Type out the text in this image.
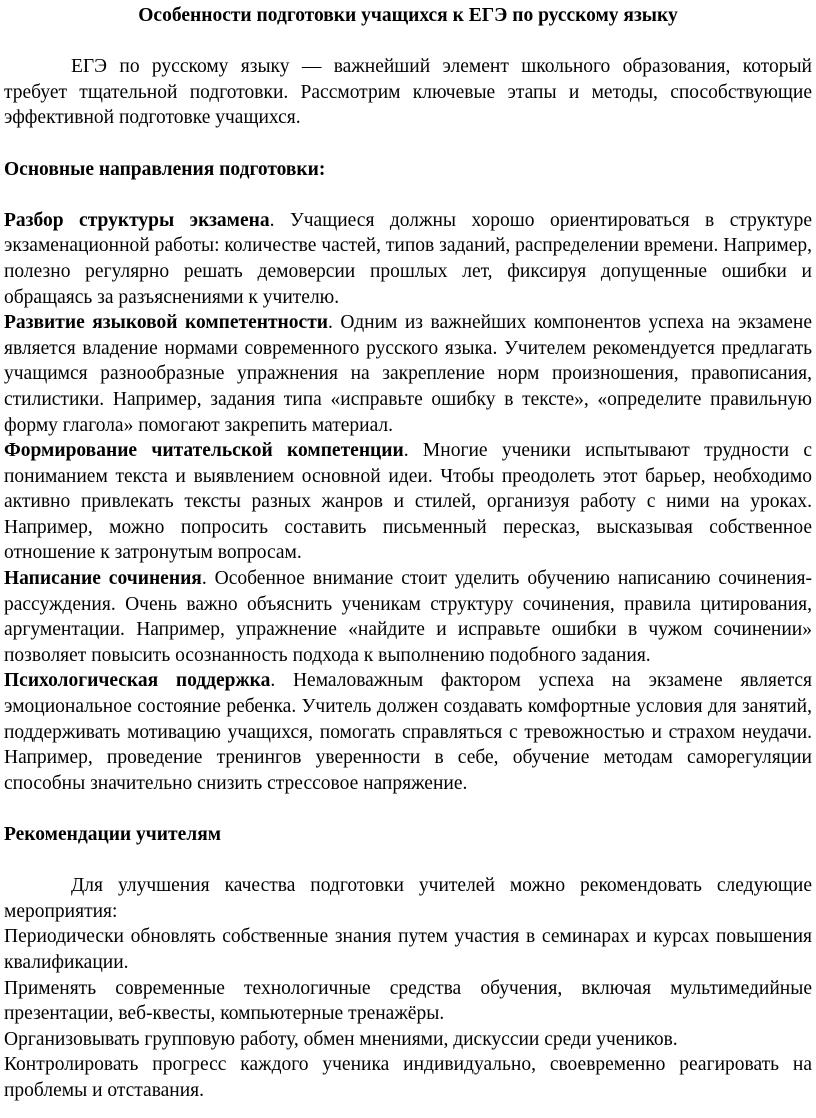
Особенности подготовки учащихся к ЕГЭ по русскому языку

ЕГЭ по русскому языку — важнейший элемент школьного образования, который требует тщательной подготовки. Рассмотрим ключевые этапы и методы, способствующие эффективной подготовке учащихся.

Основные направления подготовки:

Разбор структуры экзамена. Учащиеся должны хорошо ориентироваться в структуре экзаменационной работы: количестве частей, типов заданий, распределении времени. Например, полезно регулярно решать демоверсии прошлых лет, фиксируя допущенные ошибки и обращаясь за разъяснениями к учителю.

Развитие языковой компетентности. Одним из важнейших компонентов успеха на экзамене является владение нормами современного русского языка. Учителем рекомендуется предлагать учащимся разнообразные упражнения на закрепление норм произношения, правописания, стилистики. Например, задания типа «исправьте ошибку в тексте», «определите правильную форму глагола» помогают закрепить материал.

Формирование читательской компетенции. Многие ученики испытывают трудности с пониманием текста и выявлением основной идеи. Чтобы преодолеть этот барьер, необходимо активно привлекать тексты разных жанров и стилей, организуя работу с ними на уроках. Например, можно попросить составить письменный пересказ, высказывая собственное отношение к затронутым вопросам.

Написание сочинения. Особенное внимание стоит уделить обучению написанию сочинения-рассуждения. Очень важно объяснить ученикам структуру сочинения, правила цитирования, аргументации. Например, упражнение «найдите и исправьте ошибки в чужом сочинении» позволяет повысить осознанность подхода к выполнению подобного задания.

Психологическая поддержка. Немаловажным фактором успеха на экзамене является эмоциональное состояние ребенка. Учитель должен создавать комфортные условия для занятий, поддерживать мотивацию учащихся, помогать справляться с тревожностью и страхом неудачи. Например, проведение тренингов уверенности в себе, обучение методам саморегуляции способны значительно снизить стрессовое напряжение.

Рекомендации учителям

Для улучшения качества подготовки учителей можно рекомендовать следующие мероприятия:

Периодически обновлять собственные знания путем участия в семинарах и курсах повышения квалификации.

Применять современные технологичные средства обучения, включая мультимедийные презентации, веб-квесты, компьютерные тренажёры.

Организовывать групповую работу, обмен мнениями, дискуссии среди учеников.

Контролировать прогресс каждого ученика индивидуально, своевременно реагировать на проблемы и отставания.
